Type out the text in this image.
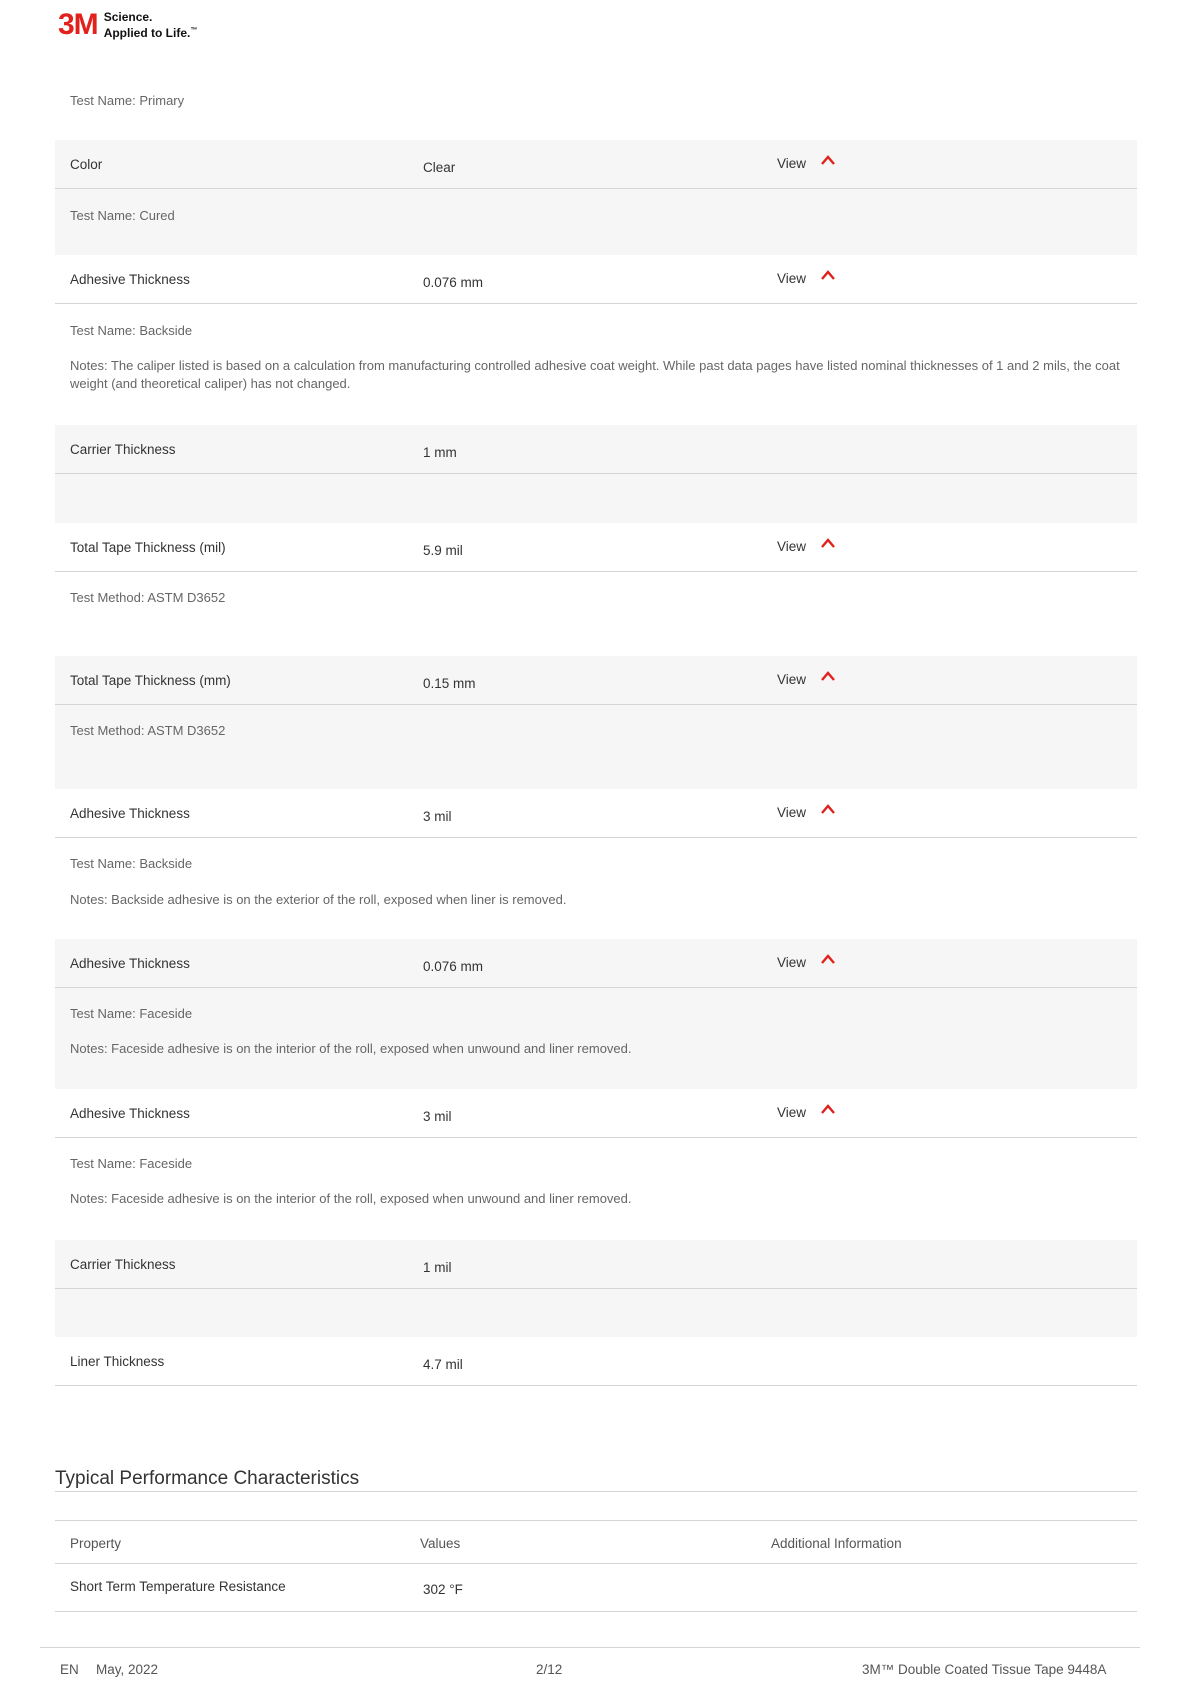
3M Science.
Applied to Life.™
Test Name: Primary
Color	Clear	View
Test Name: Cured
Adhesive Thickness	0.076 mm	View
Test Name: Backside
Notes: The caliper listed is based on a calculation from manufacturing controlled adhesive coat weight. While past data pages have listed nominal thicknesses of 1 and 2 mils, the coat weight (and theoretical caliper) has not changed.
Carrier Thickness	1 mm
Total Tape Thickness (mil)	5.9 mil	View
Test Method: ASTM D3652
Total Tape Thickness (mm)	0.15 mm	View
Test Method: ASTM D3652
Adhesive Thickness	3 mil	View
Test Name: Backside
Notes: Backside adhesive is on the exterior of the roll, exposed when liner is removed.
Adhesive Thickness	0.076 mm	View
Test Name: Faceside
Notes: Faceside adhesive is on the interior of the roll, exposed when unwound and liner removed.
Adhesive Thickness	3 mil	View
Test Name: Faceside
Notes: Faceside adhesive is on the interior of the roll, exposed when unwound and liner removed.
Carrier Thickness	1 mil
Liner Thickness	4.7 mil
Typical Performance Characteristics
Property	Values	Additional Information
Short Term Temperature Resistance	302 °F
EN May, 2022	2/12	3M™ Double Coated Tissue Tape 9448A
